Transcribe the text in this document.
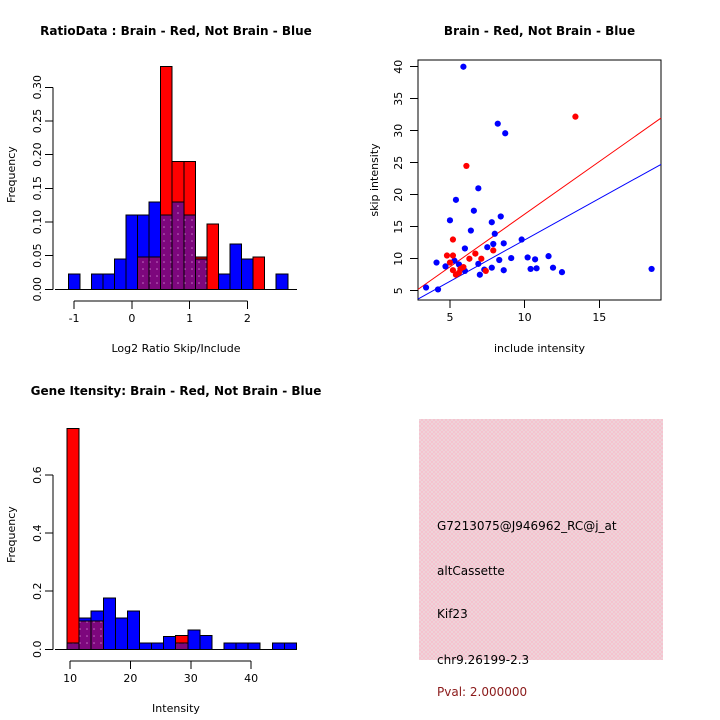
RatioData : Brain - Red, Not Brain - Blue
0.00
0.05
0.10
0.15
0.20
0.25
0.30
Frequency
-1	0	1	2
Log2 Ratio Skip/Include
Brain - Red, Not Brain - Blue
5	10	15
include intensity
5
10
15
20
25
30
35
40
skip intensity
Gene Itensity: Brain - Red, Not Brain - Blue
0.0
0.2
0.4
0.6
Frequency
10	20	30	40
Intensity
G7213075@J946962_RC@j_at
altCassette
Kif23
chr9.26199-2.3
Pval: 2.000000
